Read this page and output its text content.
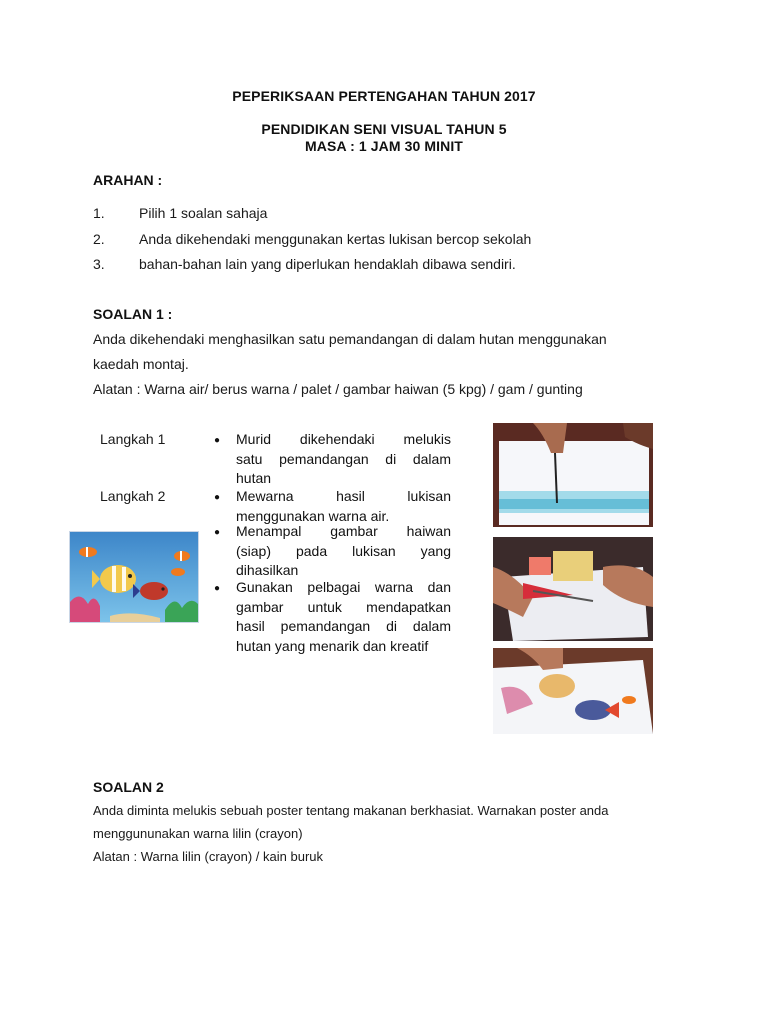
PEPERIKSAAN PERTENGAHAN TAHUN 2017
PENDIDIKAN SENI VISUAL TAHUN 5
MASA : 1 JAM 30 MINIT
ARAHAN :
1. Pilih 1 soalan sahaja
2. Anda dikehendaki menggunakan kertas lukisan bercop sekolah
3. bahan-bahan lain yang diperlukan hendaklah dibawa sendiri.
SOALAN 1 :
Anda dikehendaki menghasilkan satu pemandangan di dalam hutan menggunakan
kaedah montaj.
Alatan : Warna air/ berus warna / palet / gambar haiwan (5 kpg) / gam / gunting
Langkah 1
Langkah 2
● Murid dikehendaki melukis
satu pemandangan di dalam
hutan
● Mewarna hasil lukisan
menggunakan warna air.
● Menampal gambar haiwan
(siap) pada lukisan yang
dihasilkan
● Gunakan pelbagai warna dan
gambar untuk mendapatkan
hasil pemandangan di dalam
hutan yang menarik dan kreatif
SOALAN 2
Anda diminta melukis sebuah poster tentang makanan berkhasiat. Warnakan poster anda
menggununakan warna lilin (crayon)
Alatan : Warna lilin (crayon) / kain buruk
